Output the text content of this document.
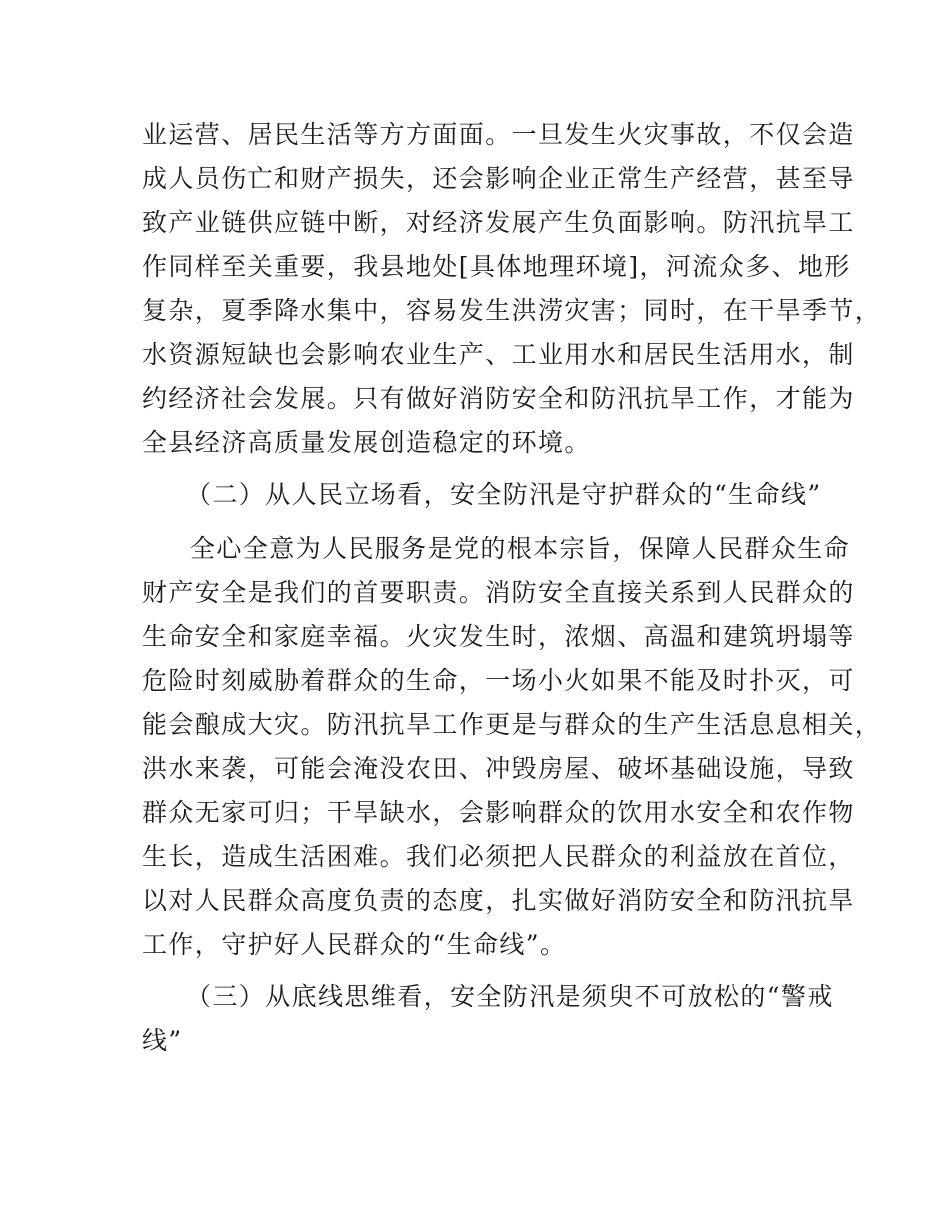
业运营、居民生活等方方面面。一旦发生火灾事故，不仅会造
成人员伤亡和财产损失，还会影响企业正常生产经营，甚至导
致产业链供应链中断，对经济发展产生负面影响。防汛抗旱工
作同样至关重要，我县地处[具体地理环境]，河流众多、地形
复杂，夏季降水集中，容易发生洪涝灾害；同时，在干旱季节，
水资源短缺也会影响农业生产、工业用水和居民生活用水，制
约经济社会发展。只有做好消防安全和防汛抗旱工作，才能为
全县经济高质量发展创造稳定的环境。
（二）从人民立场看，安全防汛是守护群众的“生命线”
全心全意为人民服务是党的根本宗旨，保障人民群众生命
财产安全是我们的首要职责。消防安全直接关系到人民群众的
生命安全和家庭幸福。火灾发生时，浓烟、高温和建筑坍塌等
危险时刻威胁着群众的生命，一场小火如果不能及时扑灭，可
能会酿成大灾。防汛抗旱工作更是与群众的生产生活息息相关，
洪水来袭，可能会淹没农田、冲毁房屋、破坏基础设施，导致
群众无家可归；干旱缺水，会影响群众的饮用水安全和农作物
生长，造成生活困难。我们必须把人民群众的利益放在首位，
以对人民群众高度负责的态度，扎实做好消防安全和防汛抗旱
工作，守护好人民群众的“生命线”。
（三）从底线思维看，安全防汛是须臾不可放松的“警戒
线”
